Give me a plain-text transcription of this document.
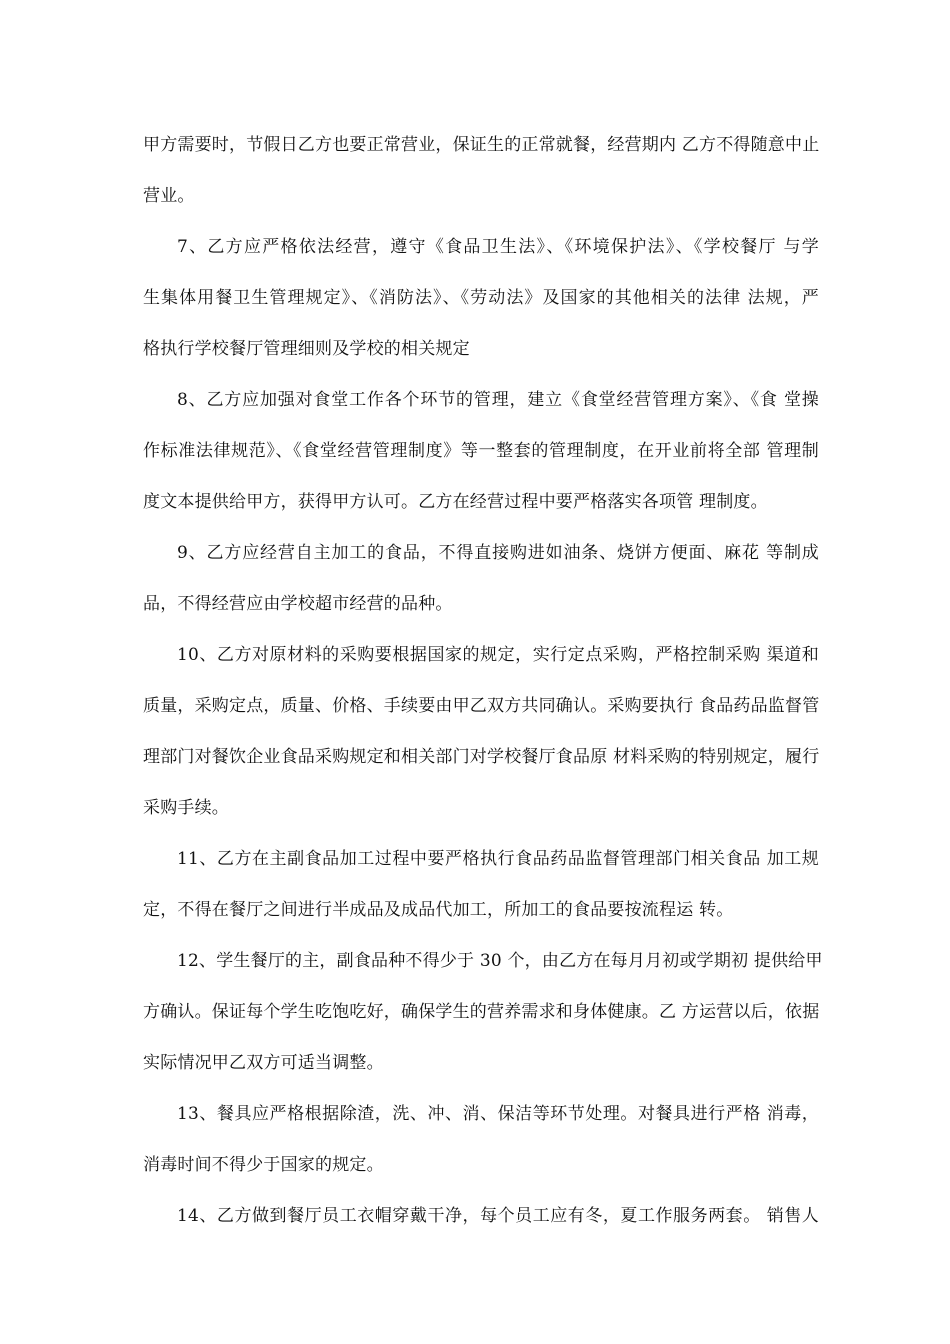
甲方需要时，节假日乙方也要正常营业，保证生的正常就餐，经营期内 乙方不得随意中止
营业。
7、乙方应严格依法经营，遵守《食品卫生法》、《环境保护法》、《学校餐厅 与学
生集体用餐卫生管理规定》、《消防法》、《劳动法》及国家的其他相关的法律 法规，严
格执行学校餐厅管理细则及学校的相关规定
8、乙方应加强对食堂工作各个环节的管理，建立《食堂经营管理方案》、《食 堂操
作标准法律规范》、《食堂经营管理制度》等一整套的管理制度，在开业前将全部 管理制
度文本提供给甲方，获得甲方认可。乙方在经营过程中要严格落实各项管 理制度。
9、乙方应经营自主加工的食品，不得直接购进如油条、烧饼方便面、麻花 等制成
品，不得经营应由学校超市经营的品种。
10、乙方对原材料的采购要根据国家的规定，实行定点采购，严格控制采购 渠道和
质量，采购定点，质量、价格、手续要由甲乙双方共同确认。采购要执行 食品药品监督管
理部门对餐饮企业食品采购规定和相关部门对学校餐厅食品原 材料采购的特别规定，履行
采购手续。
11、乙方在主副食品加工过程中要严格执行食品药品监督管理部门相关食品 加工规
定，不得在餐厅之间进行半成品及成品代加工，所加工的食品要按流程运 转。
12、学生餐厅的主，副食品种不得少于 30 个，由乙方在每月月初或学期初 提供给甲
方确认。保证每个学生吃饱吃好，确保学生的营养需求和身体健康。乙 方运营以后，依据
实际情况甲乙双方可适当调整。
13、餐具应严格根据除渣，洗、冲、消、保洁等环节处理。对餐具进行严格 消毒，
消毒时间不得少于国家的规定。
14、乙方做到餐厅员工衣帽穿戴干净，每个员工应有冬，夏工作服务两套。 销售人
